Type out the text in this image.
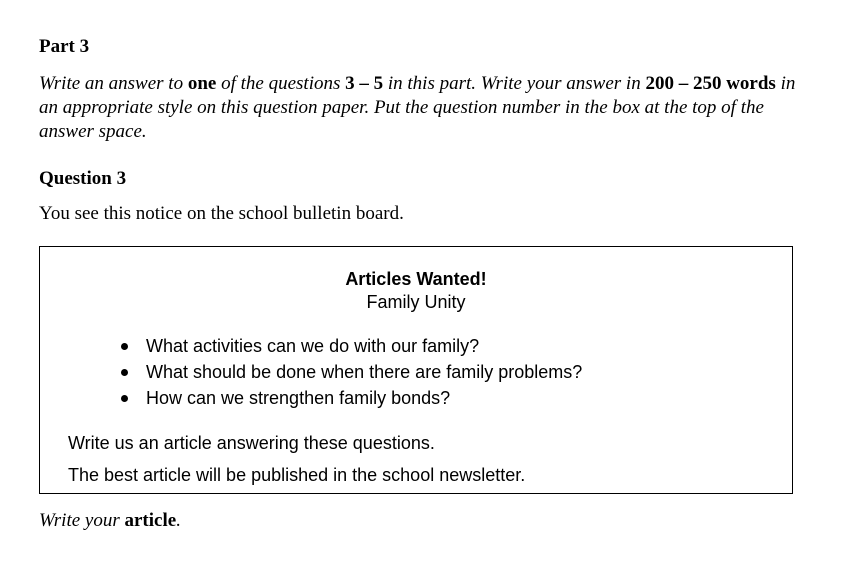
Part 3

Write an answer to one of the questions 3 – 5 in this part. Write your answer in 200 – 250 words in an appropriate style on this question paper. Put the question number in the box at the top of the answer space.

Question 3

You see this notice on the school bulletin board.

Articles Wanted!

Family Unity

What activities can we do with our family?
What should be done when there are family problems?
How can we strengthen family bonds?

Write us an article answering these questions.

The best article will be published in the school newsletter.

Write your article.
